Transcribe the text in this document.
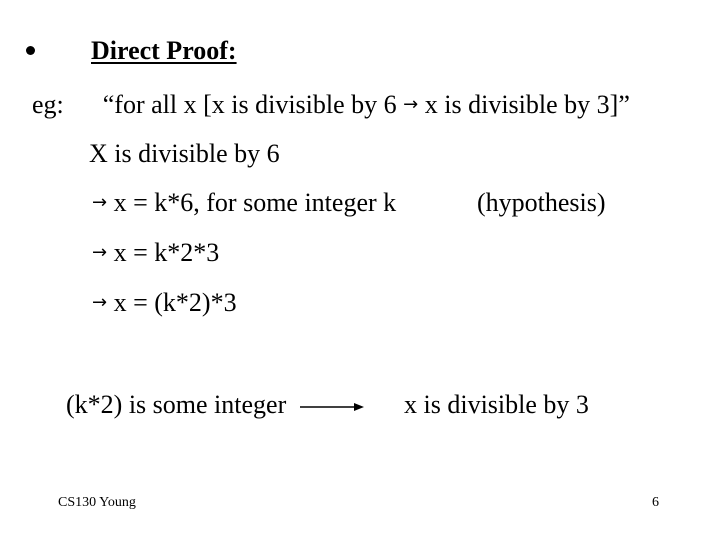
Direct Proof:
eg: “for all x [x is divisible by 6 → x is divisible by 3]”
X is divisible by 6
→ x = k*6, for some integer k	(hypothesis)
→ x = k*2*3
→ x = (k*2)*3
(k*2) is some integer	x is divisible by 3
CS130 Young	6
